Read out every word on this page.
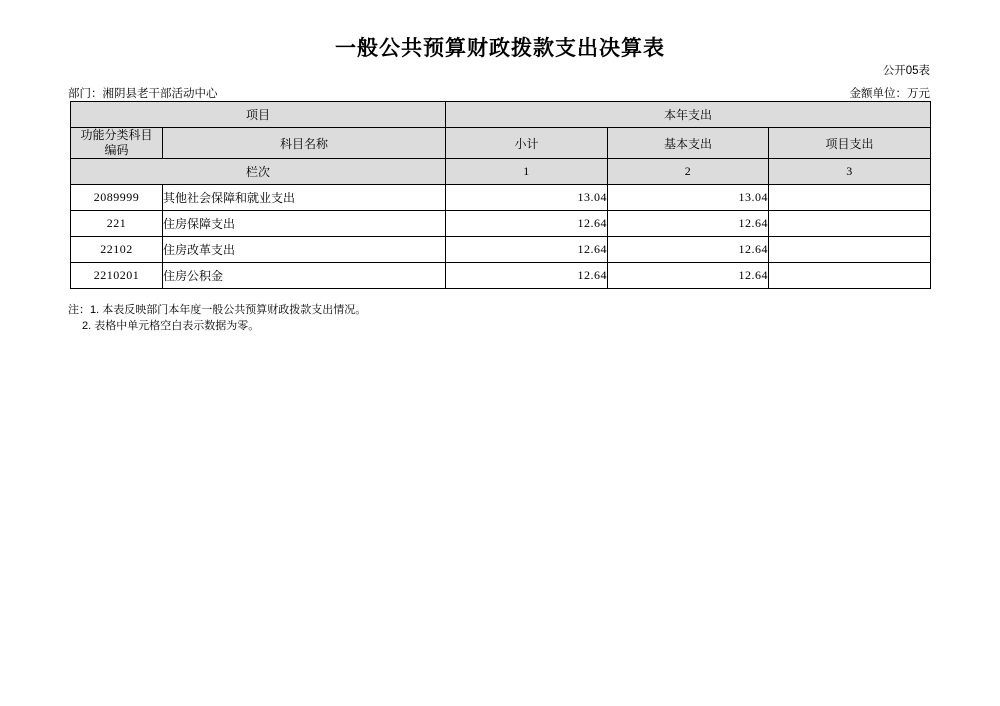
一般公共预算财政拨款支出决算表
公开05表
部门：湘阴县老干部活动中心	金额单位：万元
项目		本年支出		

功能分类科目
编码	科目名称	小计	基本支出	项目支出
栏次		1	2	3
2089999	其他社会保障和就业支出	13.04	13.04	
221	住房保障支出	12.64	12.64	
22102	住房改革支出	12.64	12.64	
2210201	住房公积金	12.64	12.64	
注：1. 本表反映部门本年度一般公共预算财政拨款支出情况。
2. 表格中单元格空白表示数据为零。
